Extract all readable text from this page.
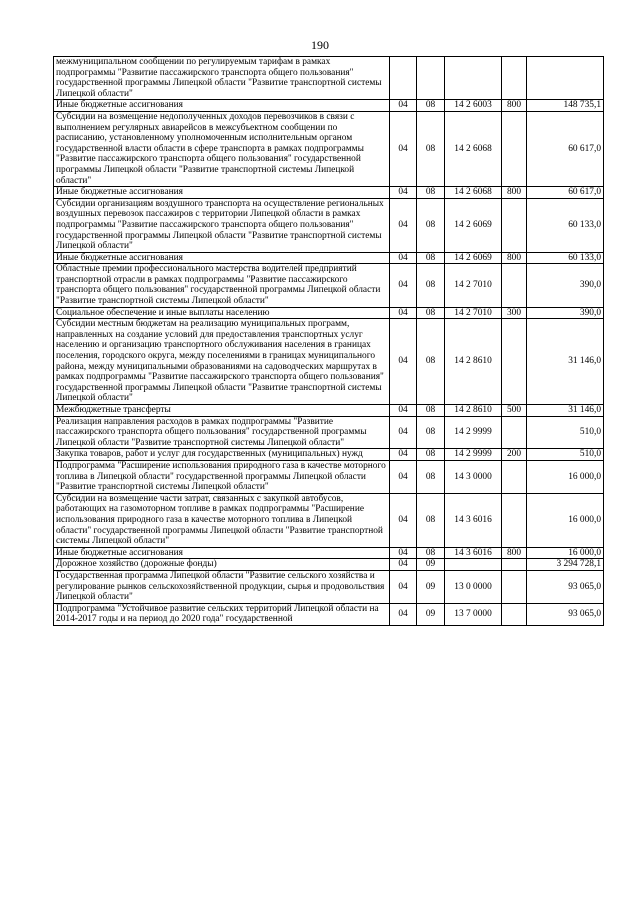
190
межмуниципальном сообщении по регулируемым тарифам в рамках подпрограммы "Развитие пассажирского транспорта общего пользования" государственной программы Липецкой области "Развитие транспортной системы Липецкой области"					
Иные бюджетные ассигнования	04	08	14 2 6003	800	148 735,1
Субсидии на возмещение недополученных доходов перевозчиков в связи с выполнением регулярных авиарейсов в межсубъектном сообщении по расписанию, установленному уполномоченным исполнительным органом государственной власти области в сфере транспорта в рамках подпрограммы "Развитие пассажирского транспорта общего пользования" государственной программы Липецкой области "Развитие транспортной системы Липецкой области"	04	08	14 2 6068		60 617,0
Иные бюджетные ассигнования	04	08	14 2 6068	800	60 617,0
Субсидии организациям воздушного транспорта на осуществление региональных воздушных перевозок пассажиров с территории Липецкой области в рамках подпрограммы "Развитие пассажирского транспорта общего пользования" государственной программы Липецкой области "Развитие транспортной системы Липецкой области"	04	08	14 2 6069		60 133,0
Иные бюджетные ассигнования	04	08	14 2 6069	800	60 133,0
Областные премии профессионального мастерства водителей предприятий транспортной отрасли в рамках подпрограммы "Развитие пассажирского транспорта общего пользования" государственной программы Липецкой области "Развитие транспортной системы Липецкой области"	04	08	14 2 7010		390,0
Социальное обеспечение и иные выплаты населению	04	08	14 2 7010	300	390,0
Субсидии местным бюджетам на реализацию муниципальных программ, направленных на создание условий для предоставления транспортных услуг населению и организацию транспортного обслуживания населения в границах поселения, городского округа, между поселениями в границах муниципального района, между муниципальными образованиями на садоводческих маршрутах в рамках подпрограммы "Развитие пассажирского транспорта общего пользования" государственной программы Липецкой области "Развитие транспортной системы Липецкой области"	04	08	14 2 8610		31 146,0
Межбюджетные трансферты	04	08	14 2 8610	500	31 146,0
Реализация направления расходов в рамках подпрограммы "Развитие пассажирского транспорта общего пользования" государственной программы Липецкой области "Развитие транспортной системы Липецкой области"	04	08	14 2 9999		510,0
Закупка товаров, работ и услуг для государственных (муниципальных) нужд	04	08	14 2 9999	200	510,0
Подпрограмма "Расширение использования природного газа в качестве моторного топлива в Липецкой области" государственной программы Липецкой области "Развитие транспортной системы Липецкой области"	04	08	14 3 0000		16 000,0
Субсидии на возмещение части затрат, связанных с закупкой автобусов, работающих на газомоторном топливе в рамках подпрограммы "Расширение использования природного газа в качестве моторного топлива в Липецкой области" государственной программы Липецкой области "Развитие транспортной системы Липецкой области"	04	08	14 3 6016		16 000,0
Иные бюджетные ассигнования	04	08	14 3 6016	800	16 000,0
Дорожное хозяйство (дорожные фонды)	04	09			3 294 728,1
Государственная программа Липецкой области "Развитие сельского хозяйства и регулирование рынков сельскохозяйственной продукции, сырья и продовольствия Липецкой области"	04	09	13 0 0000		93 065,0
Подпрограмма "Устойчивое развитие сельских территорий Липецкой области на 2014-2017 годы и на период до 2020 года" государственной	04	09	13 7 0000		93 065,0
